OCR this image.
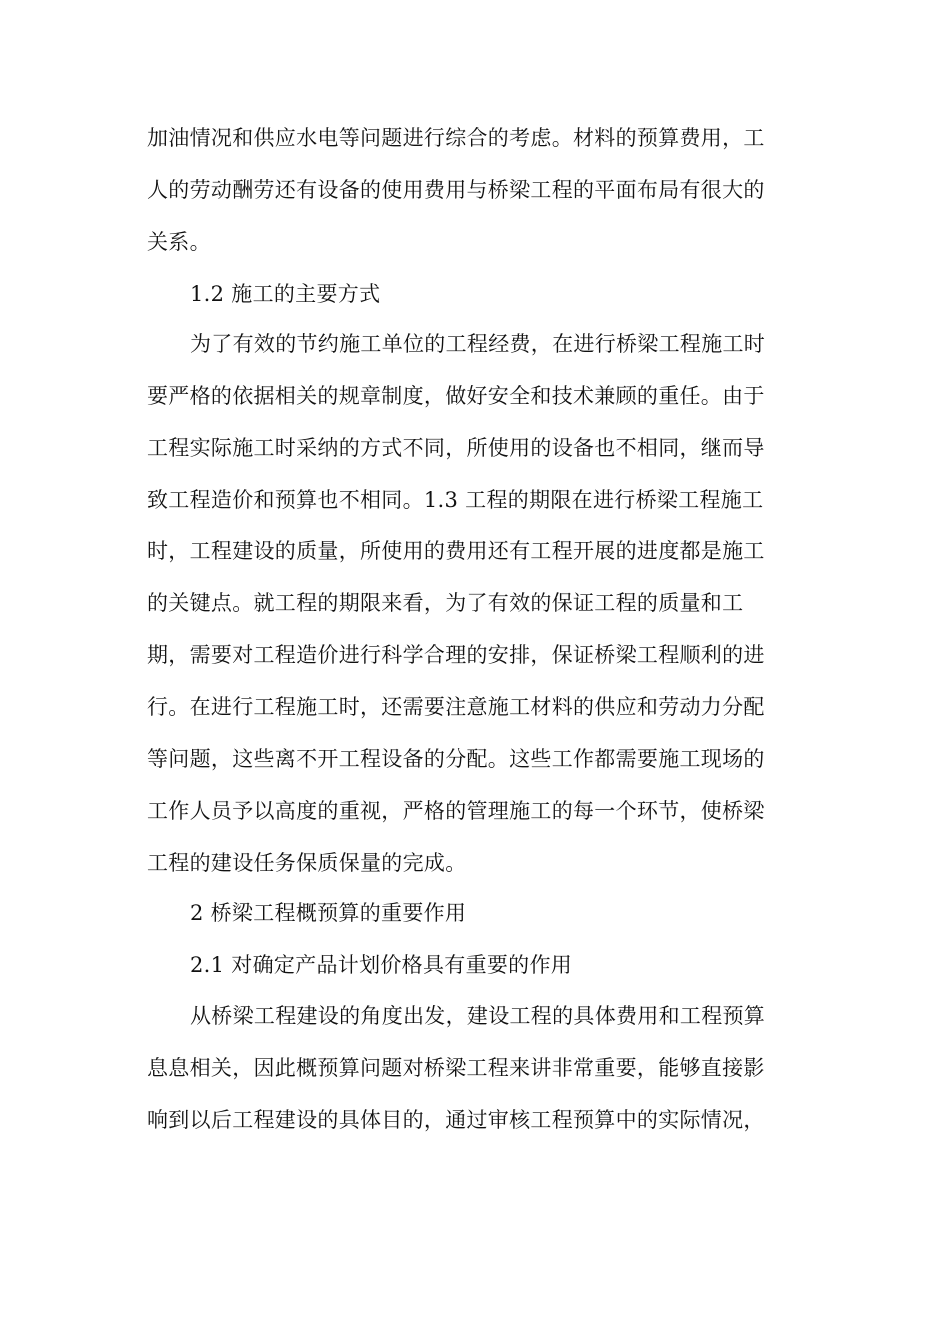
加油情况和供应水电等问题进行综合的考虑。材料的预算费用，工
人的劳动酬劳还有设备的使用费用与桥梁工程的平面布局有很大的
关系。
1.2 施工的主要方式
为了有效的节约施工单位的工程经费，在进行桥梁工程施工时
要严格的依据相关的规章制度，做好安全和技术兼顾的重任。由于
工程实际施工时采纳的方式不同，所使用的设备也不相同，继而导
致工程造价和预算也不相同。1.3 工程的期限在进行桥梁工程施工
时，工程建设的质量，所使用的费用还有工程开展的进度都是施工
的关键点。就工程的期限来看，为了有效的保证工程的质量和工
期，需要对工程造价进行科学合理的安排，保证桥梁工程顺利的进
行。在进行工程施工时，还需要注意施工材料的供应和劳动力分配
等问题，这些离不开工程设备的分配。这些工作都需要施工现场的
工作人员予以高度的重视，严格的管理施工的每一个环节，使桥梁
工程的建设任务保质保量的完成。
2 桥梁工程概预算的重要作用
2.1 对确定产品计划价格具有重要的作用
从桥梁工程建设的角度出发，建设工程的具体费用和工程预算
息息相关，因此概预算问题对桥梁工程来讲非常重要，能够直接影
响到以后工程建设的具体目的，通过审核工程预算中的实际情况，
